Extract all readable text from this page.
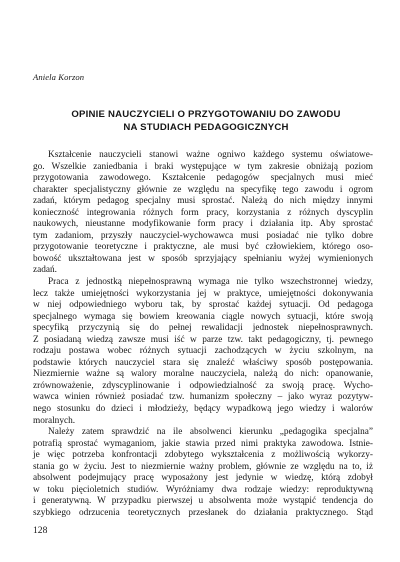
Aniela Korzon
OPINIE NAUCZYCIELI O PRZYGOTOWANIU DO ZAWODU
NA STUDIACH PEDAGOGICZNYCH
Kształcenie nauczycieli stanowi ważne ogniwo każdego systemu oświatowe-
go. Wszelkie zaniedbania i braki występujące w tym zakresie obniżają poziom
przygotowania zawodowego. Kształcenie pedagogów specjalnych musi mieć
charakter specjalistyczny głównie ze względu na specyfikę tego zawodu i ogrom
zadań, którym pedagog specjalny musi sprostać. Należą do nich między innymi
konieczność integrowania różnych form pracy, korzystania z różnych dyscyplin
naukowych, nieustanne modyfikowanie form pracy i działania itp. Aby sprostać
tym zadaniom, przyszły nauczyciel-wychowawca musi posiadać nie tylko dobre
przygotowanie teoretyczne i praktyczne, ale musi być człowiekiem, którego oso-
bowość ukształtowana jest w sposób sprzyjający spełnianiu wyżej wymienionych
zadań.
Praca z jednostką niepełnosprawną wymaga nie tylko wszechstronnej wiedzy,
lecz także umiejętności wykorzystania jej w praktyce, umiejętności dokonywania
w niej odpowiedniego wyboru tak, by sprostać każdej sytuacji. Od pedagoga
specjalnego wymaga się bowiem kreowania ciągle nowych sytuacji, które swoją
specyfiką przyczynią się do pełnej rewalidacji jednostek niepełnosprawnych.
Z posiadaną wiedzą zawsze musi iść w parze tzw. takt pedagogiczny, tj. pewnego
rodzaju postawa wobec różnych sytuacji zachodzących w życiu szkolnym, na
podstawie których nauczyciel stara się znaleźć właściwy sposób postępowania.
Niezmiernie ważne są walory moralne nauczyciela, należą do nich: opanowanie,
zrównoważenie, zdyscyplinowanie i odpowiedzialność za swoją pracę. Wycho-
wawca winien również posiadać tzw. humanizm społeczny – jako wyraz pozytyw-
nego stosunku do dzieci i młodzieży, będący wypadkową jego wiedzy i walorów
moralnych.
Należy zatem sprawdzić na ile absolwenci kierunku „pedagogika specjalna”
potrafią sprostać wymaganiom, jakie stawia przed nimi praktyka zawodowa. Istnie-
je więc potrzeba konfrontacji zdobytego wykształcenia z możliwością wykorzy-
stania go w życiu. Jest to niezmiernie ważny problem, głównie ze względu na to, iż
absolwent podejmujący pracę wyposażony jest jedynie w wiedzę, którą zdobył
w toku pięcioletnich studiów. Wyróżniamy dwa rodzaje wiedzy: reproduktywną
i generatywną. W przypadku pierwszej u absolwenta może wystąpić tendencja do
szybkiego odrzucenia teoretycznych przesłanek do działania praktycznego. Stąd
128
